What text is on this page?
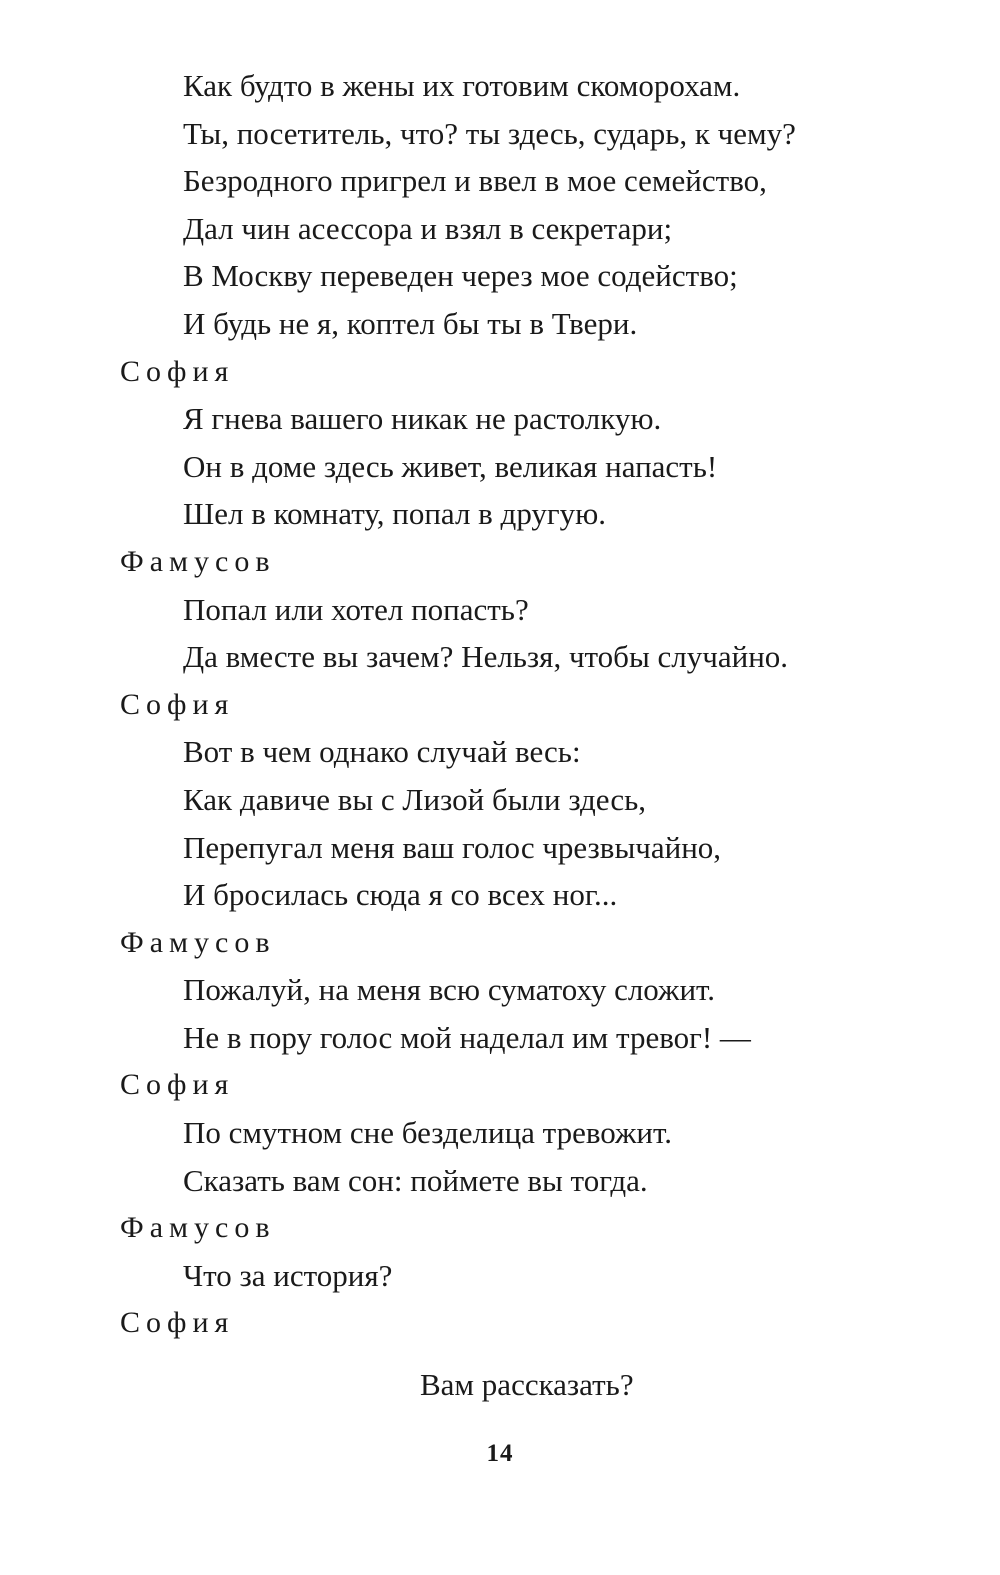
Как будто в жены их готовим скоморохам.
Ты, посетитель, что? ты здесь, сударь, к чему?
Безродного пригрел и ввел в мое семейство,
Дал чин асессора и взял в секретари;
В Москву переведен через мое содейство;
И будь не я, коптел бы ты в Твери.
София
Я гнева вашего никак не растолкую.
Он в доме здесь живет, великая напасть!
Шел в комнату, попал в другую.
Фамусов
Попал или хотел попасть?
Да вместе вы зачем? Нельзя, чтобы случайно.
София
Вот в чем однако случай весь:
Как давиче вы с Лизой были здесь,
Перепугал меня ваш голос чрезвычайно,
И бросилась сюда я со всех ног...
Фамусов
Пожалуй, на меня всю суматоху сложит.
Не в пору голос мой наделал им тревог! —
София
По смутном сне безделица тревожит.
Сказать вам сон: поймете вы тогда.
Фамусов
Что за история?
София
Вам рассказать?
14
